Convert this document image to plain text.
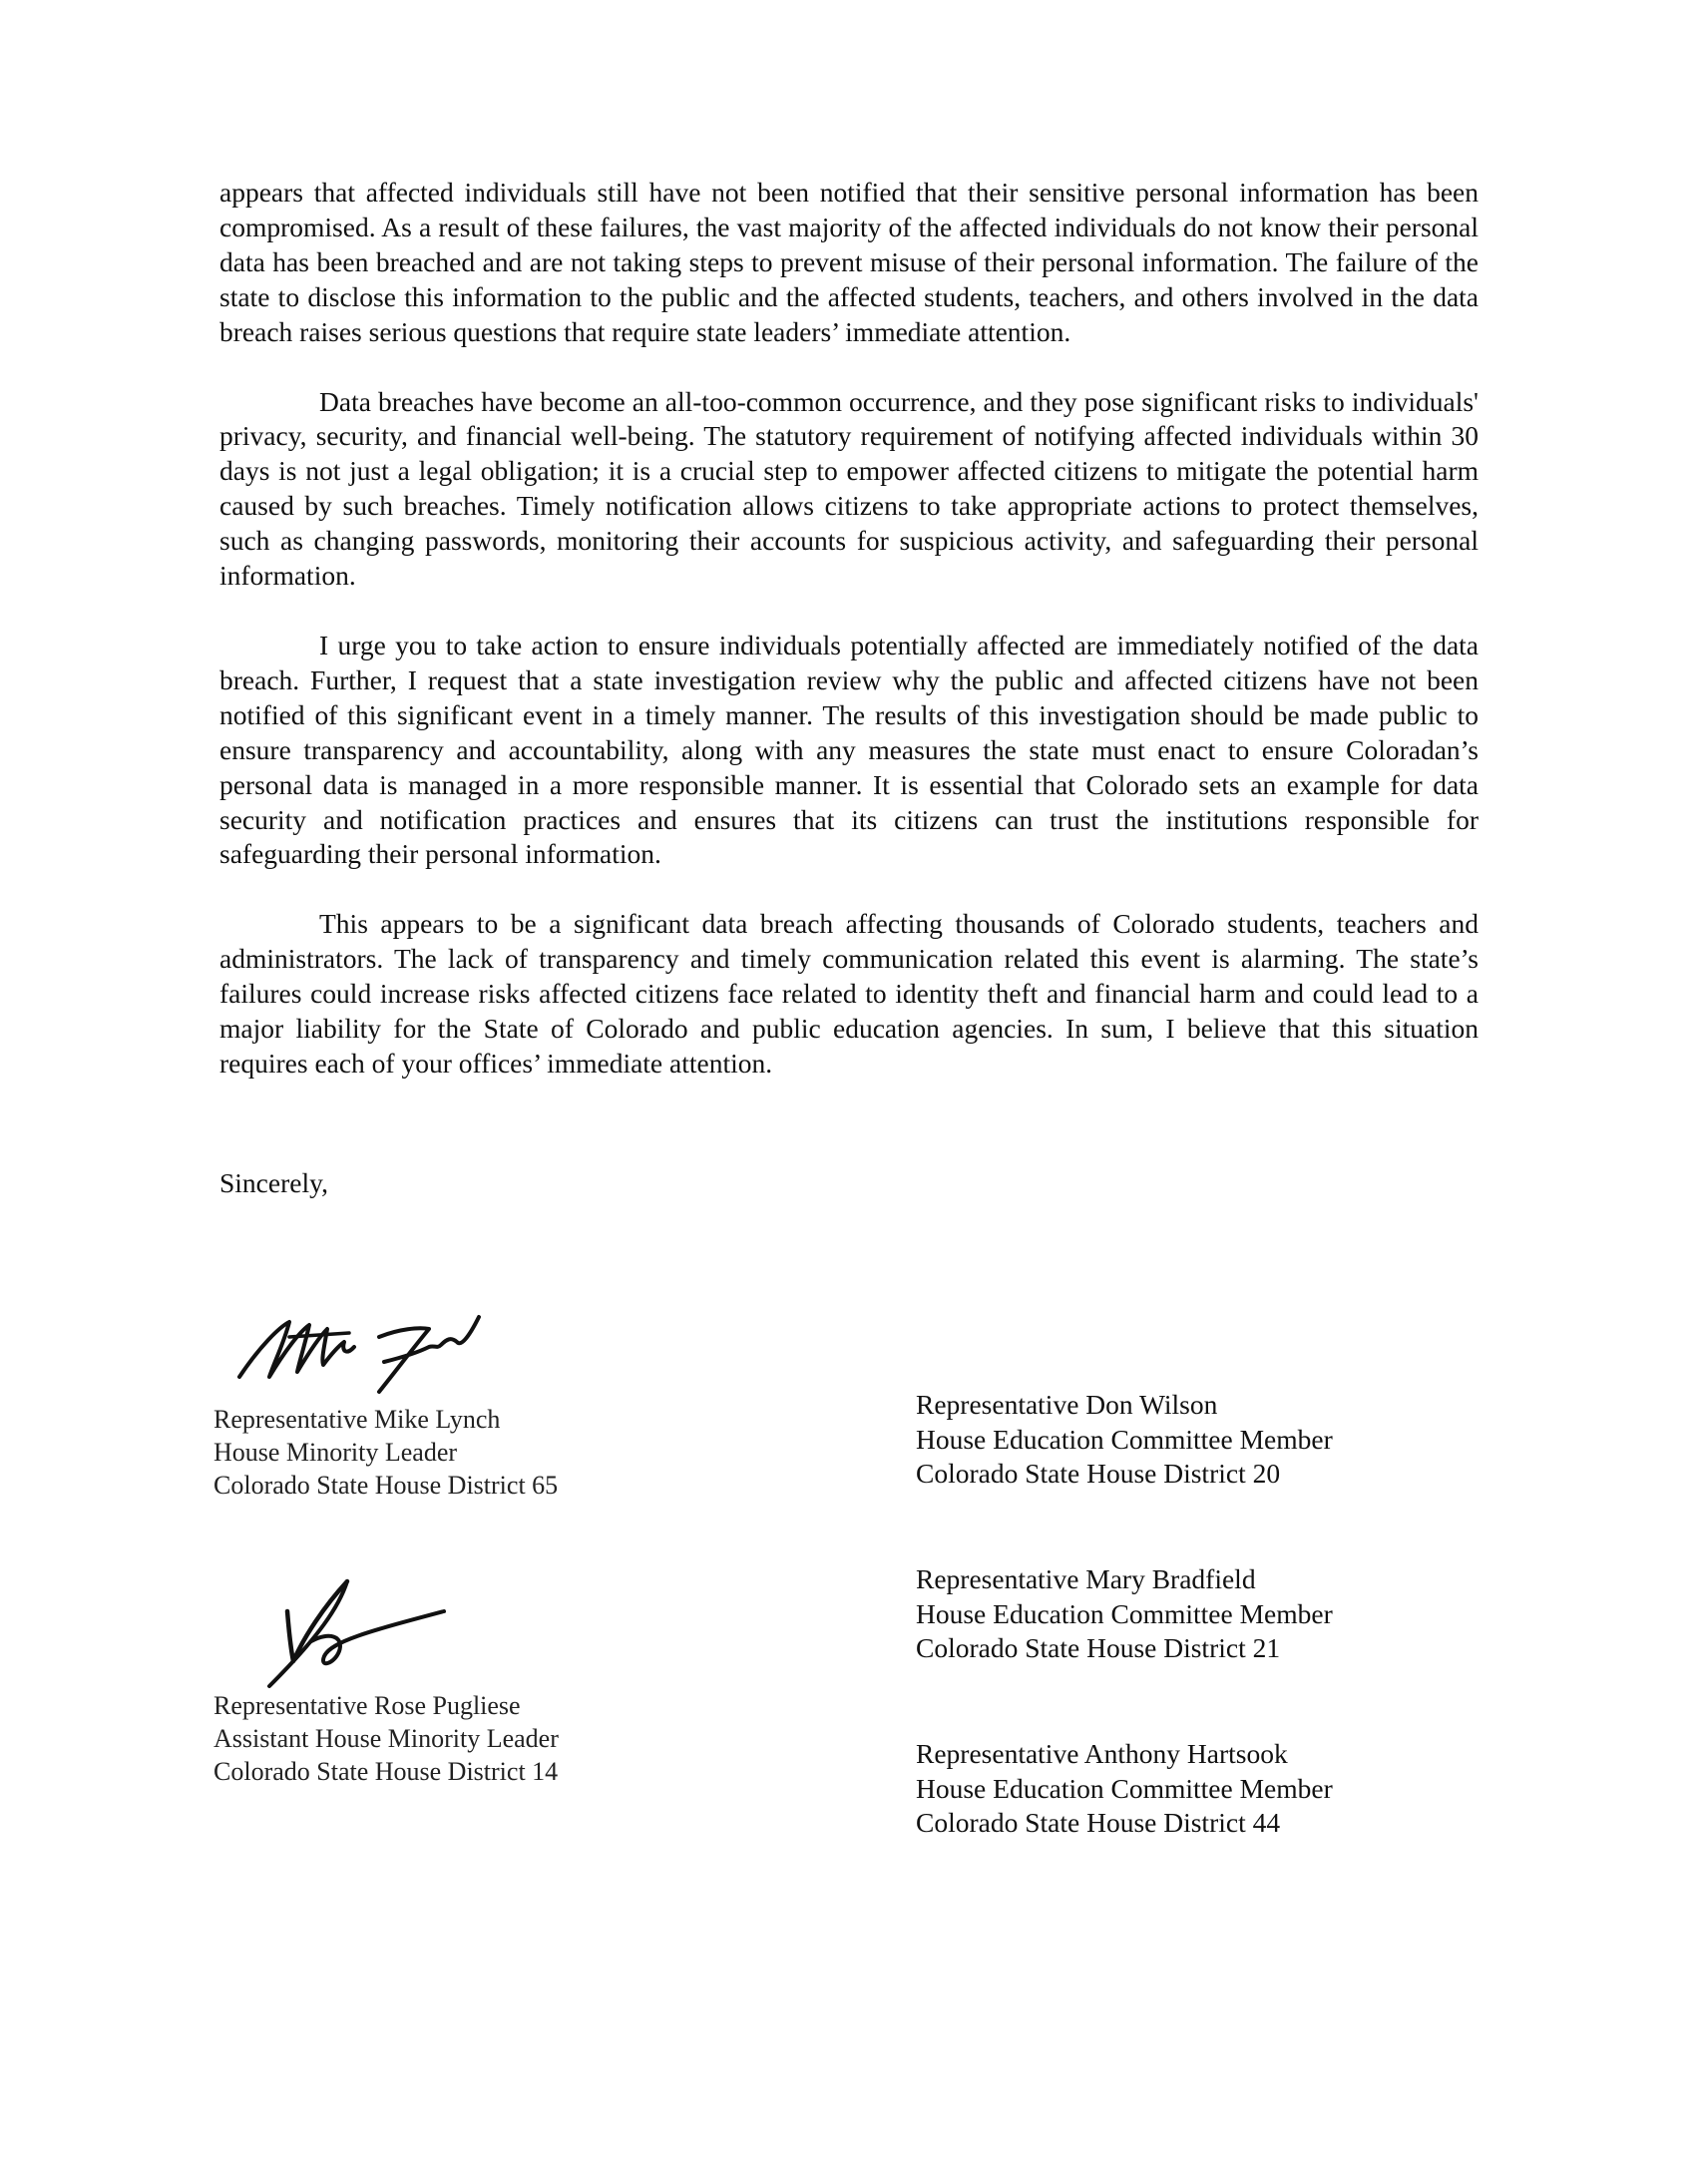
appears that affected individuals still have not been notified that their sensitive personal information has been compromised. As a result of these failures, the vast majority of the affected individuals do not know their personal data has been breached and are not taking steps to prevent misuse of their personal information. The failure of the state to disclose this information to the public and the affected students, teachers, and others involved in the data breach raises serious questions that require state leaders’ immediate attention.

Data breaches have become an all-too-common occurrence, and they pose significant risks to individuals' privacy, security, and financial well-being. The statutory requirement of notifying affected individuals within 30 days is not just a legal obligation; it is a crucial step to empower affected citizens to mitigate the potential harm caused by such breaches. Timely notification allows citizens to take appropriate actions to protect themselves, such as changing passwords, monitoring their accounts for suspicious activity, and safeguarding their personal information.

I urge you to take action to ensure individuals potentially affected are immediately notified of the data breach. Further, I request that a state investigation review why the public and affected citizens have not been notified of this significant event in a timely manner. The results of this investigation should be made public to ensure transparency and accountability, along with any measures the state must enact to ensure Coloradan’s personal data is managed in a more responsible manner. It is essential that Colorado sets an example for data security and notification practices and ensures that its citizens can trust the institutions responsible for safeguarding their personal information.

This appears to be a significant data breach affecting thousands of Colorado students, teachers and administrators. The lack of transparency and timely communication related this event is alarming. The state’s failures could increase risks affected citizens face related to identity theft and financial harm and could lead to a major liability for the State of Colorado and public education agencies. In sum, I believe that this situation requires each of your offices’ immediate attention.

Sincerely,
Representative Mike Lynch
House Minority Leader
Colorado State House District 65
Representative Rose Pugliese
Assistant House Minority Leader
Colorado State House District 14
Representative Don Wilson
House Education Committee Member
Colorado State House District 20
Representative Mary Bradfield
House Education Committee Member
Colorado State House District 21
Representative Anthony Hartsook
House Education Committee Member
Colorado State House District 44
